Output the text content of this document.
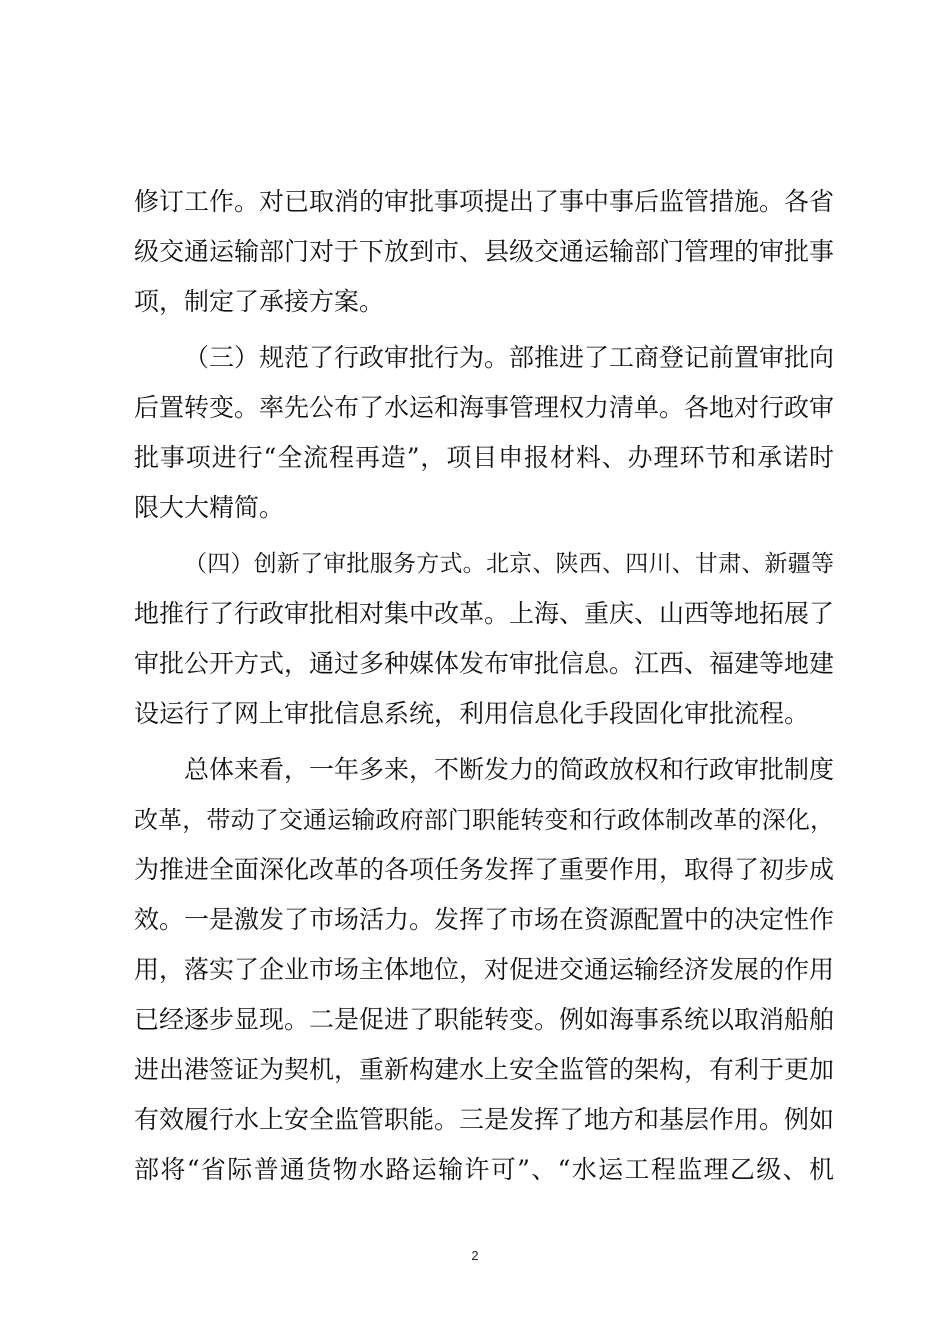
修订工作。对已取消的审批事项提出了事中事后监管措施。各省
级交通运输部门对于下放到市、县级交通运输部门管理的审批事
项，制定了承接方案。
（三）规范了行政审批行为。部推进了工商登记前置审批向
后置转变。率先公布了水运和海事管理权力清单。各地对行政审
批事项进行“全流程再造”，项目申报材料、办理环节和承诺时
限大大精简。
（四）创新了审批服务方式。北京、陕西、四川、甘肃、新疆等
地推行了行政审批相对集中改革。上海、重庆、山西等地拓展了
审批公开方式，通过多种媒体发布审批信息。江西、福建等地建
设运行了网上审批信息系统，利用信息化手段固化审批流程。
总体来看，一年多来，不断发力的简政放权和行政审批制度
改革，带动了交通运输政府部门职能转变和行政体制改革的深化，
为推进全面深化改革的各项任务发挥了重要作用，取得了初步成
效。一是激发了市场活力。发挥了市场在资源配置中的决定性作
用，落实了企业市场主体地位，对促进交通运输经济发展的作用
已经逐步显现。二是促进了职能转变。例如海事系统以取消船舶
进出港签证为契机，重新构建水上安全监管的架构，有利于更加
有效履行水上安全监管职能。三是发挥了地方和基层作用。例如
部将“省际普通货物水路运输许可”、“水运工程监理乙级、机
2
